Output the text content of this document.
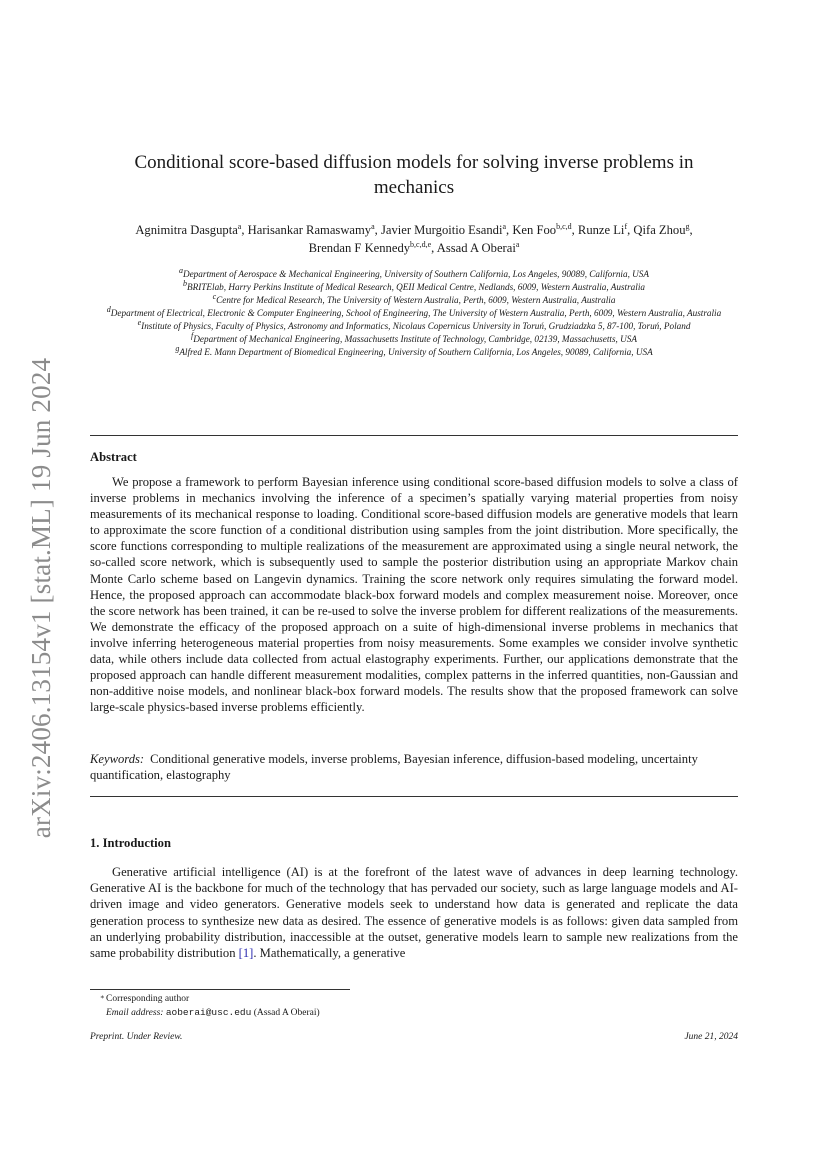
arXiv:2406.13154v1 [stat.ML] 19 Jun 2024
Conditional score-based diffusion models for solving inverse problems in
mechanics
Agnimitra Dasgupta$^a$, Harisankar Ramaswamy$^a$, Javier Murgoitio Esandi$^a$, Ken Foo$^{b,c,d}$, Runze Li$^f$, Qifa Zhou$^g$,
Brendan F Kennedy$^{b,c,d,e}$, Assad A Oberai$^a$

$^a$Department of Aerospace & Mechanical Engineering, University of Southern California, Los Angeles, 90089, California, USA

$^b$BRITElab, Harry Perkins Institute of Medical Research, QEII Medical Centre, Nedlands, 6009, Western Australia, Australia

$^c$Centre for Medical Research, The University of Western Australia, Perth, 6009, Western Australia, Australia

$^d$Department of Electrical, Electronic & Computer Engineering, School of Engineering, The University of Western Australia, Perth, 6009, Western Australia, Australia

$^e$Institute of Physics, Faculty of Physics, Astronomy and Informatics, Nicolaus Copernicus University in Toruń, Grudziadzka 5, 87-100, Toruń, Poland

$^f$Department of Mechanical Engineering, Massachusetts Institute of Technology, Cambridge, 02139, Massachusetts, USA

$^g$Alfred E. Mann Department of Biomedical Engineering, University of Southern California, Los Angeles, 90089, California, USA

Abstract

We propose a framework to perform Bayesian inference using conditional score-based diffusion models to solve a class of inverse problems in mechanics involving the inference of a specimen’s spatially varying material properties from noisy measurements of its mechanical response to loading. Conditional score-based diffusion models are generative models that learn to approximate the score function of a conditional distribution using samples from the joint distribution. More specifically, the score functions corresponding to multiple realizations of the measurement are approximated using a single neural network, the so-called score network, which is subsequently used to sample the posterior distribution using an appropriate Markov chain Monte Carlo scheme based on Langevin dynamics. Training the score network only requires simulating the forward model. Hence, the proposed approach can accommodate black-box forward models and complex measurement noise. Moreover, once the score network has been trained, it can be re-used to solve the inverse problem for different realizations of the measurements. We demonstrate the efficacy of the proposed approach on a suite of high-dimensional inverse problems in mechanics that involve inferring heterogeneous material properties from noisy measurements. Some examples we consider involve synthetic data, while others include data collected from actual elastography experiments. Further, our applications demonstrate that the proposed approach can handle different measurement modalities, complex patterns in the inferred quantities, non-Gaussian and non-additive noise models, and nonlinear black-box forward models. The results show that the proposed framework can solve large-scale physics-based inverse problems efficiently.

Keywords: Conditional generative models, inverse problems, Bayesian inference, diffusion-based modeling, uncertainty quantification, elastography

1. Introduction

Generative artificial intelligence (AI) is at the forefront of the latest wave of advances in deep learning technology. Generative AI is the backbone for much of the technology that has pervaded our society, such as large language models and AI-driven image and video generators. Generative models seek to understand how data is generated and replicate the data generation process to synthesize new data as desired. The essence of generative models is as follows: given data sampled from an underlying probability distribution, inaccessible at the outset, generative models learn to sample new realizations from the same probability distribution [1]. Mathematically, a generative

∗ Corresponding author
Email address: aoberai@usc.edu (Assad A Oberai)
Preprint. Under Review.	June 21, 2024
